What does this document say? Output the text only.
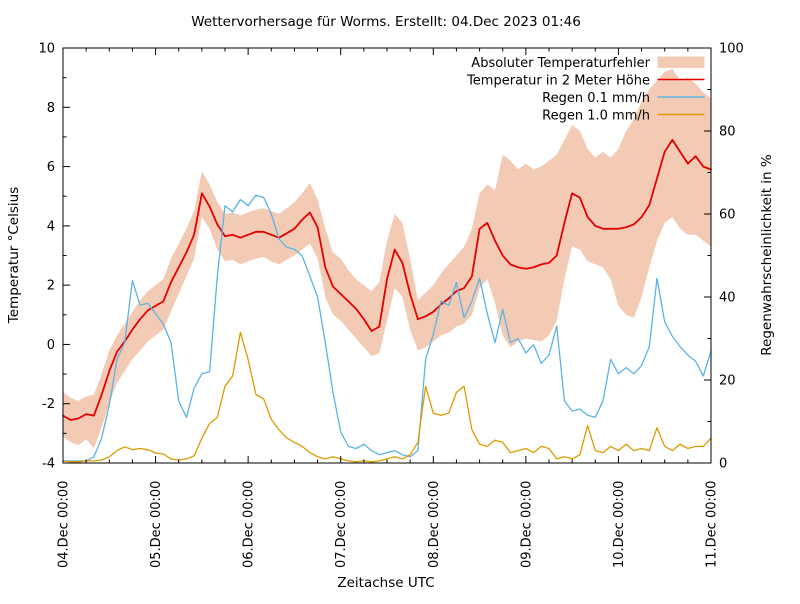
Wettervorhersage für Worms. Erstellt: 04.Dec 2023 01:46
Temperatur °Celsius	Regenwahrscheinlichkeit in %
Zeitachse UTC
04.Dec 00:00	05.Dec 00:00	06.Dec 00:00	07.Dec 00:00	08.Dec 00:00	09.Dec 00:00	10.Dec 00:00	11.Dec 00:00
-4
-2
0
2
4
6
8
10
0
20
40
60
80
100
Absoluter Temperaturfehler
Temperatur in 2 Meter Höhe
Regen 0.1 mm/h
Regen 1.0 mm/h
